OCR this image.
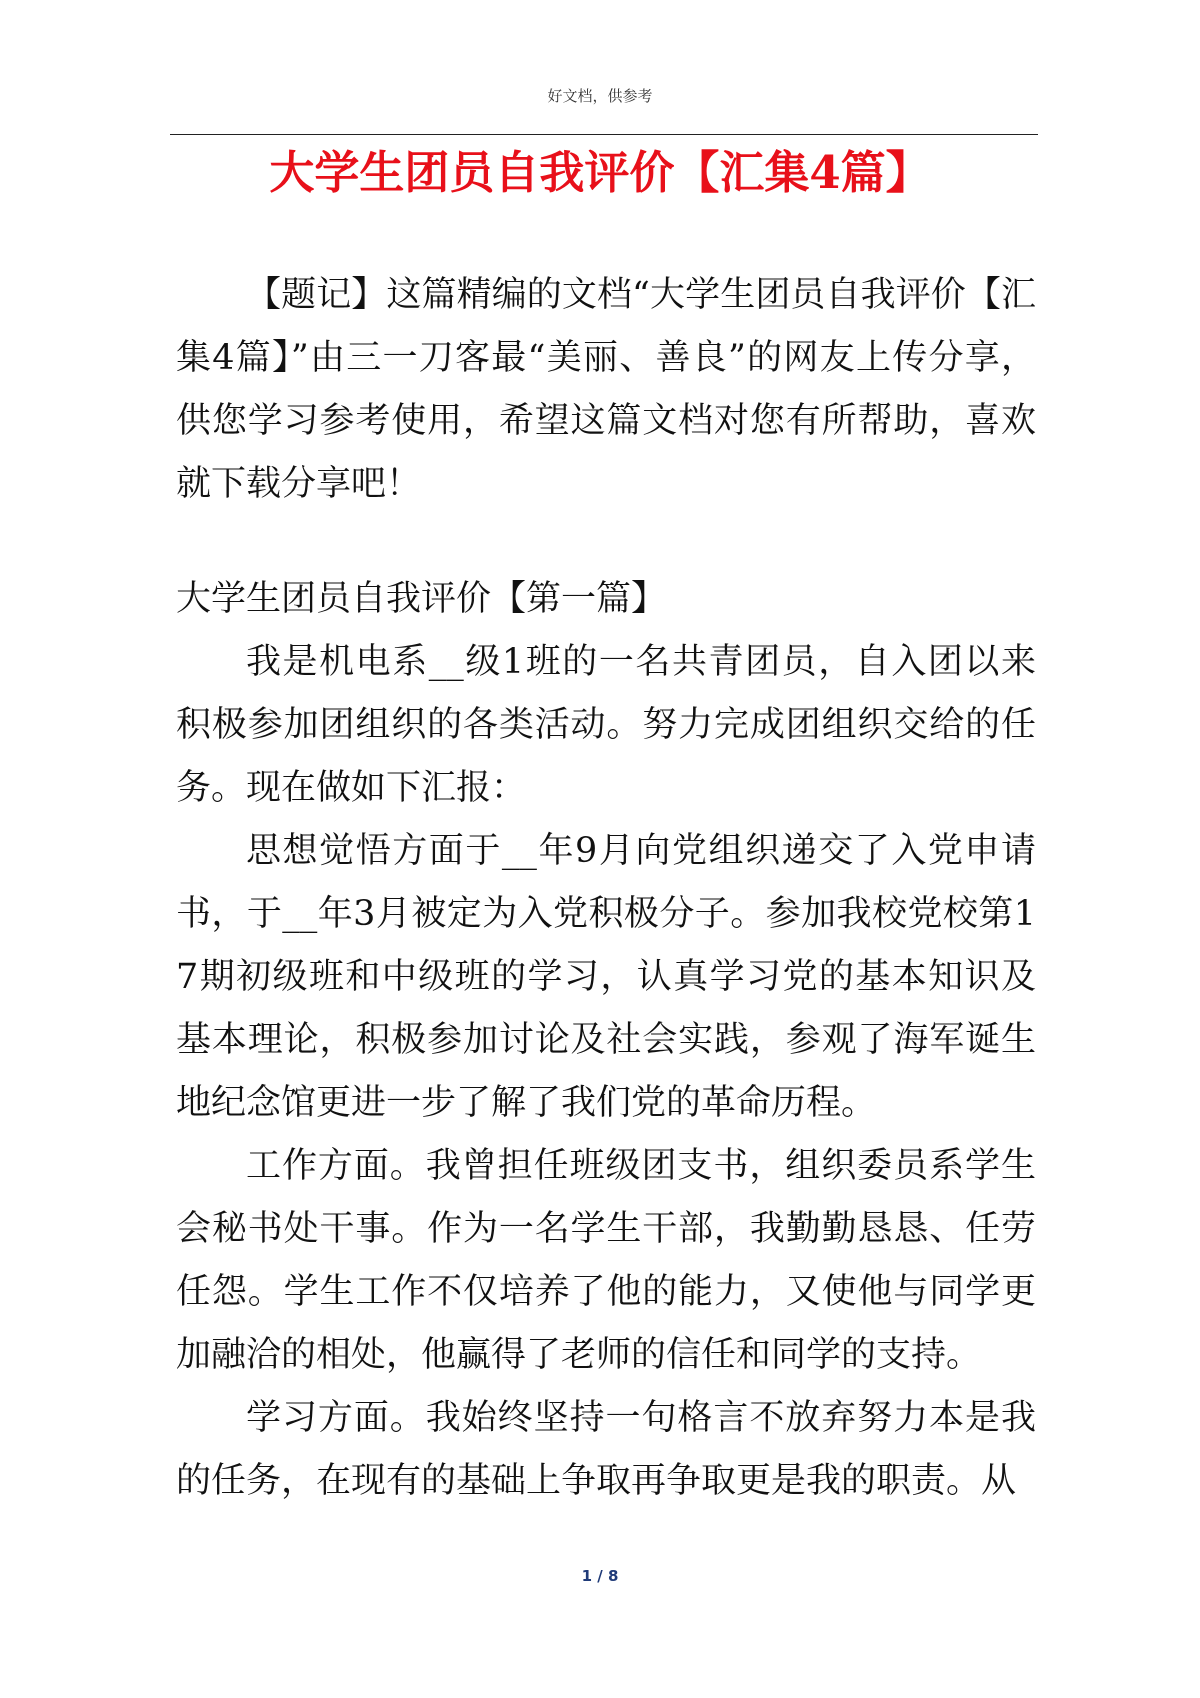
好文档，供参考
大学生团员自我评价【汇集4篇】

【题记】这篇精编的文档“大学生团员自我评价【汇集4篇】”由三一刀客最“美丽、善良”的网友上传分享，供您学习参考使用，希望这篇文档对您有所帮助，喜欢就下载分享吧！

大学生团员自我评价【第一篇】

我是机电系__级1班的一名共青团员，自入团以来积极参加团组织的各类活动。努力完成团组织交给的任务。现在做如下汇报：

思想觉悟方面于__年9月向党组织递交了入党申请书，于__年3月被定为入党积极分子。参加我校党校第17期初级班和中级班的学习，认真学习党的基本知识及基本理论，积极参加讨论及社会实践，参观了海军诞生地纪念馆更进一步了解了我们党的革命历程。

工作方面。我曾担任班级团支书，组织委员系学生会秘书处干事。作为一名学生干部，我勤勤恳恳、任劳任怨。学生工作不仅培养了他的能力，又使他与同学更加融洽的相处，他赢得了老师的信任和同学的支持。

学习方面。我始终坚持一句格言不放弃努力本是我的任务，在现有的基础上争取再争取更是我的职责。从

1 / 8
